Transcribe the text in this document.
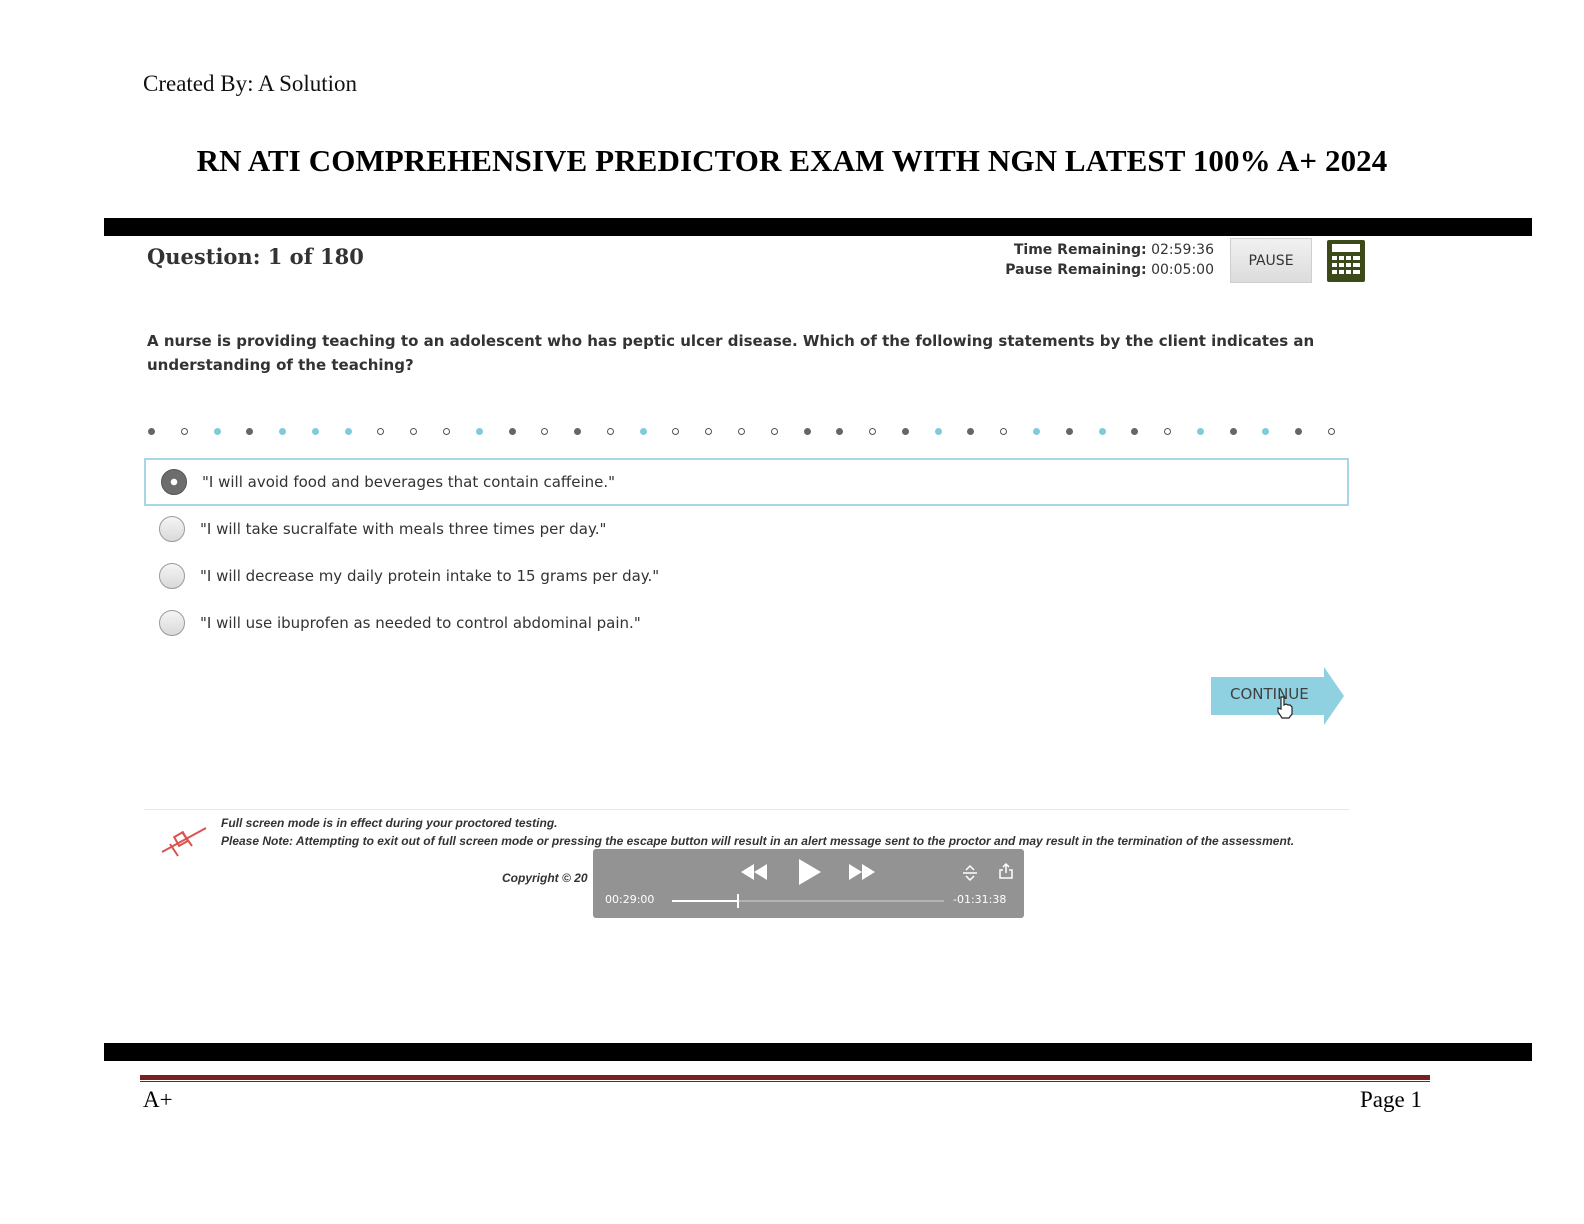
Created By: A Solution
RN ATI COMPREHENSIVE PREDICTOR EXAM WITH NGN LATEST 100% A+ 2024
Question: 1 of 180	Time Remaining: 02:59:36
Pause Remaining: 00:05:00
PAUSE
A nurse is providing teaching to an adolescent who has peptic ulcer disease. Which of the following statements by the client indicates an understanding of the teaching?
"I will avoid food and beverages that contain caffeine."
"I will take sucralfate with meals three times per day."
"I will decrease my daily protein intake to 15 grams per day."
"I will use ibuprofen as needed to control abdominal pain."
CONTINUE
Full screen mode is in effect during your proctored testing.
Please Note: Attempting to exit out of full screen mode or pressing the escape button will result in an alert message sent to the proctor and may result in the termination of the assessment.
Copyright © 20
00:29:00	-01:31:38
A+	Page 1
